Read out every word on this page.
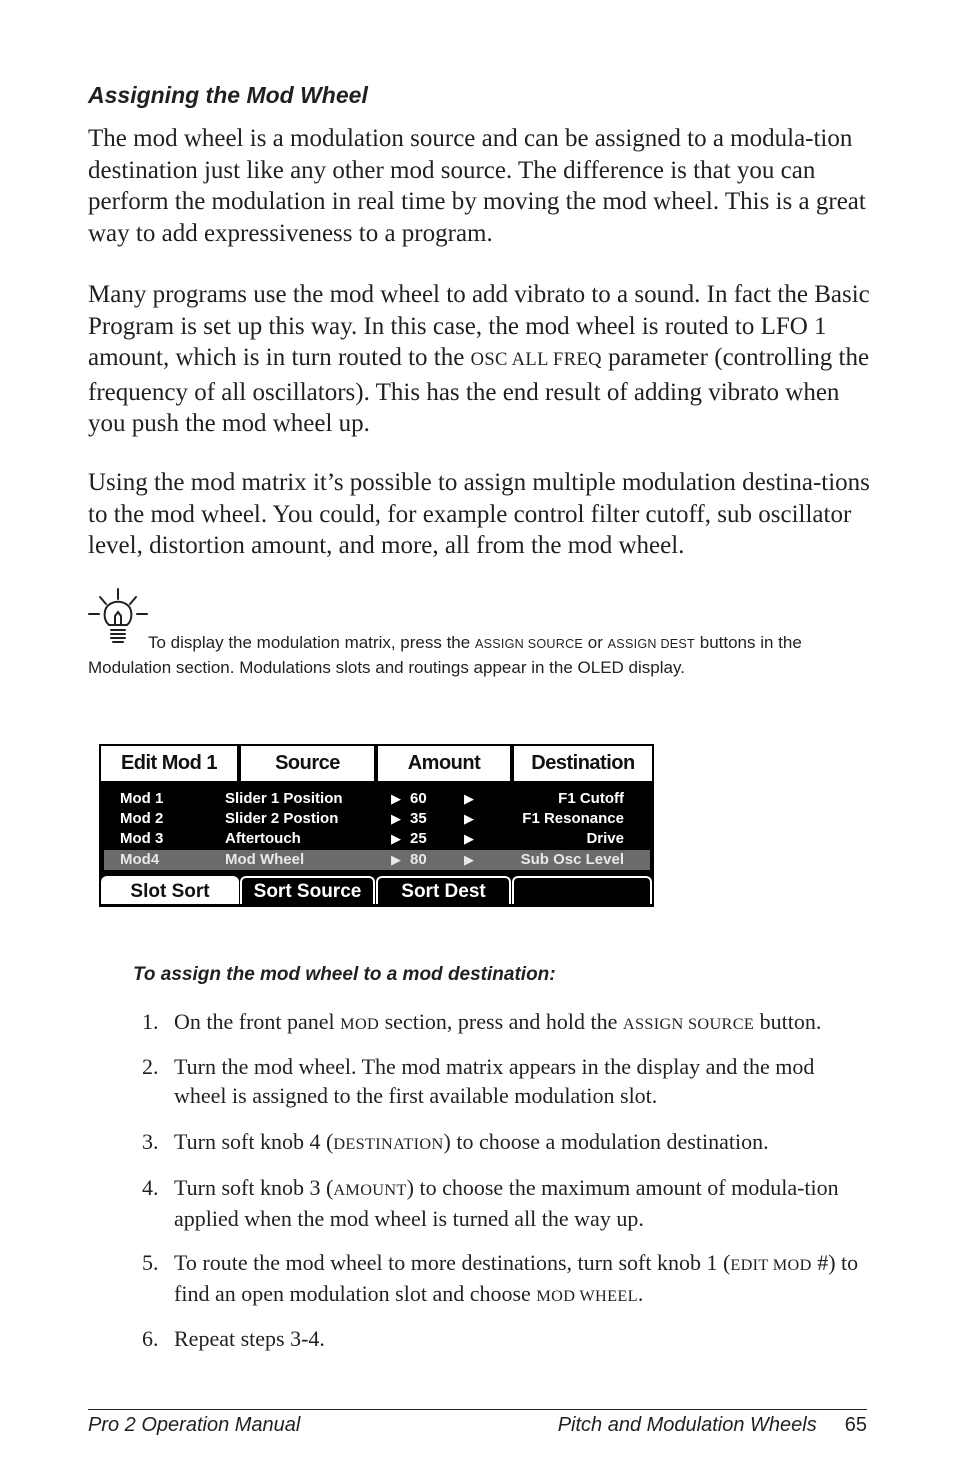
Assigning the Mod Wheel

The mod wheel is a modulation source and can be assigned to a modula-tion destination just like any other mod source. The difference is that you can perform the modulation in real time by moving the mod wheel. This is a great way to add expressiveness to a program.

Many programs use the mod wheel to add vibrato to a sound. In fact the Basic Program is set up this way. In this case, the mod wheel is routed to LFO 1 amount, which is in turn routed to the OSC ALL FREQ parameter (controlling the frequency of all oscillators). This has the end result of adding vibrato when you push the mod wheel up.

Using the mod matrix it’s possible to assign multiple modulation destina-tions to the mod wheel. You could, for example control filter cutoff, sub oscillator level, distortion amount, and more, all from the mod wheel.

To display the modulation matrix, press the ASSIGN SOURCE or ASSIGN DEST buttons in the Modulation section. Modulations slots and routings appear in the OLED display.

Edit Mod 1	Source	Amount	Destination
Mod 1	Slider 1 Position	▶ 60	▶	F1 Cutoff
Mod 2	Slider 2 Postion	▶ 35	▶	F1 Resonance
Mod 3	Aftertouch	▶ 25	▶	Drive
Mod4	Mod Wheel	▶ 80	▶	Sub Osc Level
Slot Sort	Sort Source	Sort Dest
To assign the mod wheel to a mod destination:
1. On the front panel MOD section, press and hold the ASSIGN SOURCE button.
2. Turn the mod wheel. The mod matrix appears in the display and the mod wheel is assigned to the first available modulation slot.
3. Turn soft knob 4 (DESTINATION) to choose a modulation destination.
4. Turn soft knob 3 (AMOUNT) to choose the maximum amount of modula-tion applied when the mod wheel is turned all the way up.
5. To route the mod wheel to more destinations, turn soft knob 1 (EDIT MOD #) to find an open modulation slot and choose MOD WHEEL.
6. Repeat steps 3-4.

Pro 2 Operation Manual	Pitch and Modulation Wheels 65
